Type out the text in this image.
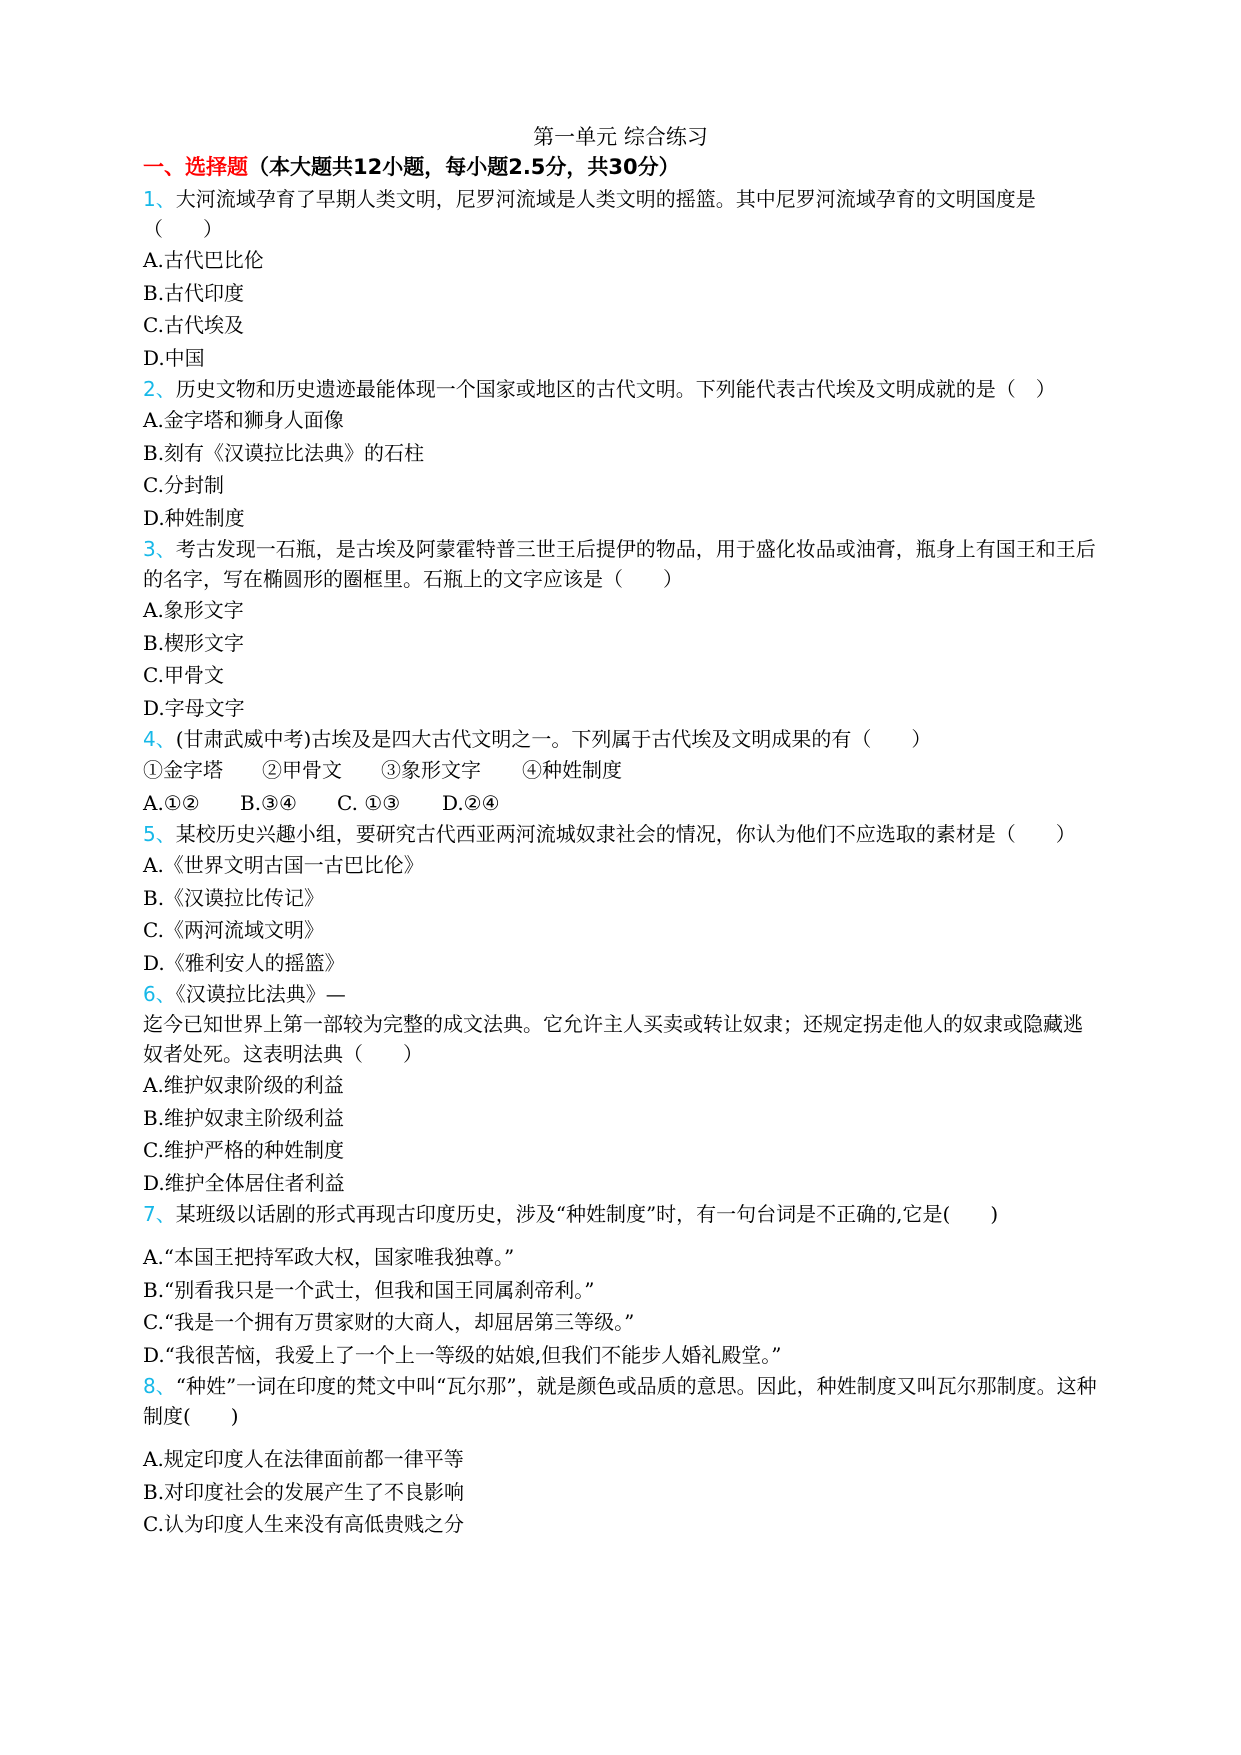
第一单元 综合练习
一、选择题（本大题共12小题，每小题2.5分，共30分）
1、大河流域孕育了早期人类文明，尼罗河流域是人类文明的摇篮。其中尼罗河流域孕育的文明国度是（　　）
A.古代巴比伦
B.古代印度
C.古代埃及
D.中国
2、历史文物和历史遗迹最能体现一个国家或地区的古代文明。下列能代表古代埃及文明成就的是（　）
A.金字塔和狮身人面像
B.刻有《汉谟拉比法典》的石柱
C.分封制
D.种姓制度
3、考古发现一石瓶，是古埃及阿蒙霍特普三世王后提伊的物品，用于盛化妆品或油膏，瓶身上有国王和王后的名字，写在椭圆形的圈框里。石瓶上的文字应该是（　　）
A.象形文字
B.楔形文字
C.甲骨文
D.字母文字
4、(甘肃武威中考)古埃及是四大古代文明之一。下列属于古代埃及文明成果的有（　　）
①金字塔 ②甲骨文 ③象形文字 ④种姓制度
A.①② B.③④ C. ①③ D.②④
5、某校历史兴趣小组，要研究古代西亚两河流城奴隶社会的情况，你认为他们不应选取的素材是（　　）
A.《世界文明古国一古巴比伦》
B.《汉谟拉比传记》
C.《两河流域文明》
D.《雅利安人的摇篮》
6、《汉谟拉比法典》—
迄今已知世界上第一部较为完整的成文法典。它允许主人买卖或转让奴隶；还规定拐走他人的奴隶或隐藏逃奴者处死。这表明法典（　　）
A.维护奴隶阶级的利益
B.维护奴隶主阶级利益
C.维护严格的种姓制度
D.维护全体居住者利益
7、某班级以话剧的形式再现古印度历史，涉及“种姓制度”时，有一句台词是不正确的,它是(　　)
A.“本国王把持军政大权，国家唯我独尊。”
B.“别看我只是一个武士，但我和国王同属刹帝利。”
C.“我是一个拥有万贯家财的大商人，却屈居第三等级。”
D.“我很苦恼，我爱上了一个上一等级的姑娘,但我们不能步人婚礼殿堂。”
8、“种姓”一词在印度的梵文中叫“瓦尔那”，就是颜色或品质的意思。因此，种姓制度又叫瓦尔那制度。这种制度(　　)
A.规定印度人在法律面前都一律平等
B.对印度社会的发展产生了不良影响
C.认为印度人生来没有高低贵贱之分
